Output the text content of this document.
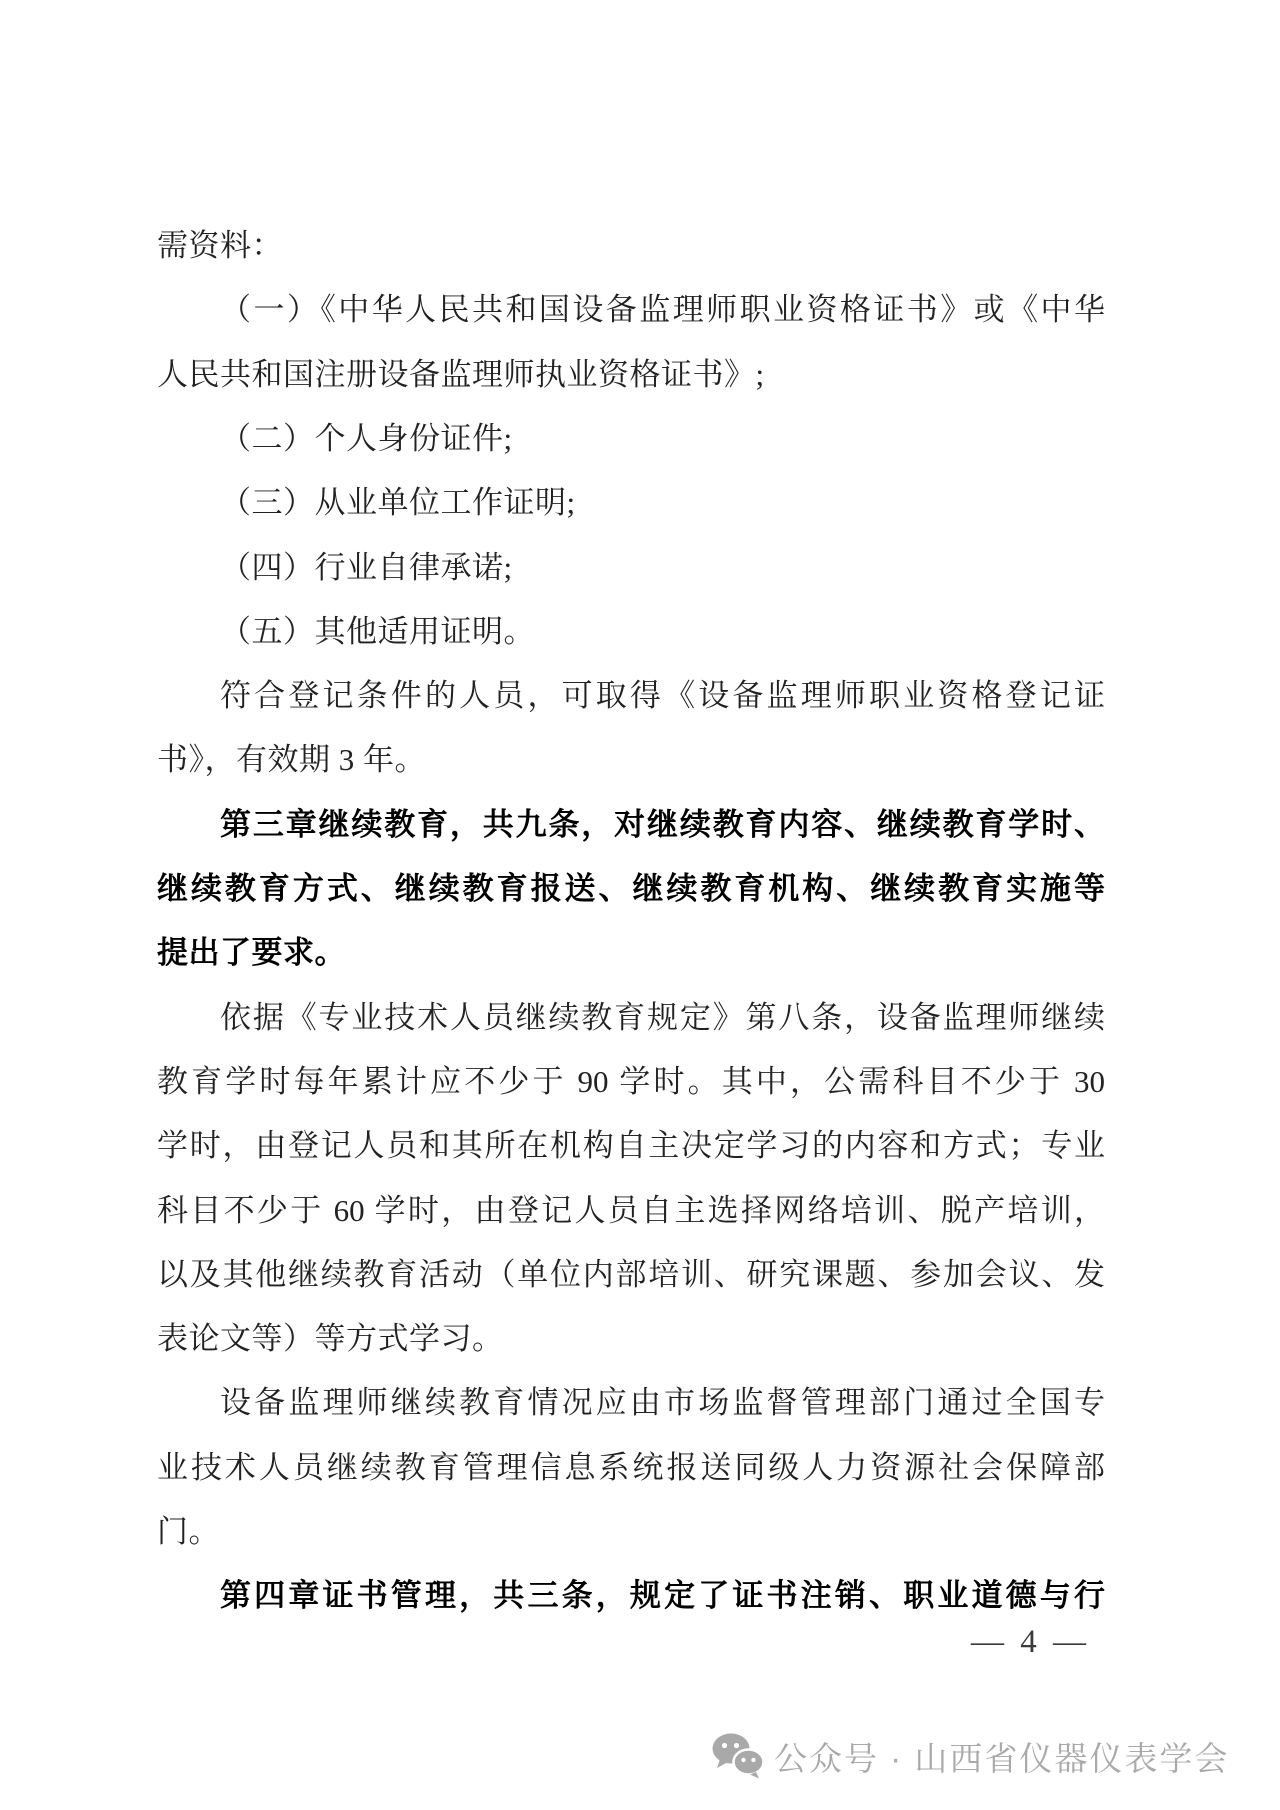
需资料：
（一）《中华人民共和国设备监理师职业资格证书》或《中华
人民共和国注册设备监理师执业资格证书》;
（二）个人身份证件;
（三）从业单位工作证明;
（四）行业自律承诺;
（五）其他适用证明。
符合登记条件的人员，可取得《设备监理师职业资格登记证
书》，有效期 3 年。
第三章继续教育，共九条，对继续教育内容、继续教育学时、
继续教育方式、继续教育报送、继续教育机构、继续教育实施等
提出了要求。
依据《专业技术人员继续教育规定》第八条，设备监理师继续
教育学时每年累计应不少于 90 学时。其中，公需科目不少于 30
学时，由登记人员和其所在机构自主决定学习的内容和方式；专业
科目不少于 60 学时，由登记人员自主选择网络培训、脱产培训，
以及其他继续教育活动（单位内部培训、研究课题、参加会议、发
表论文等）等方式学习。
设备监理师继续教育情况应由市场监督管理部门通过全国专
业技术人员继续教育管理信息系统报送同级人力资源社会保障部
门。
第四章证书管理，共三条，规定了证书注销、职业道德与行
— 4 —
公众号 · 山西省仪器仪表学会
